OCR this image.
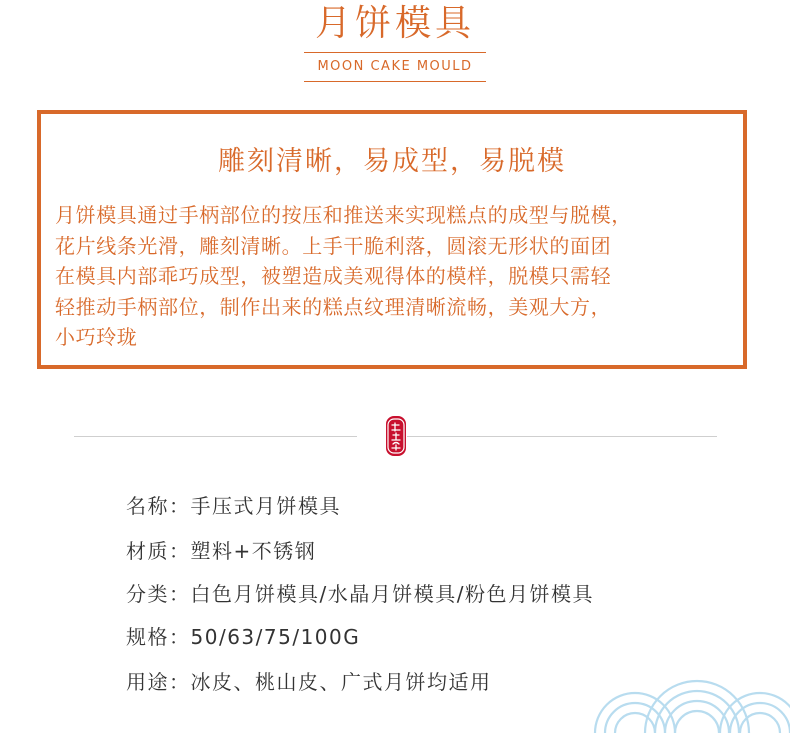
月饼模具
MOON CAKE MOULD
雕刻清晰，易成型，易脱模
月饼模具通过手柄部位的按压和推送来实现糕点的成型与脱模，
花片线条光滑，雕刻清晰。上手干脆利落，圆滚无形状的面团
在模具内部乖巧成型，被塑造成美观得体的模样，脱模只需轻
轻推动手柄部位，制作出来的糕点纹理清晰流畅，美观大方，
小巧玲珑
名称：手压式月饼模具
材质：塑料+不锈钢
分类：白色月饼模具/水晶月饼模具/粉色月饼模具
规格：50/63/75/100G
用途：冰皮、桃山皮、广式月饼均适用
